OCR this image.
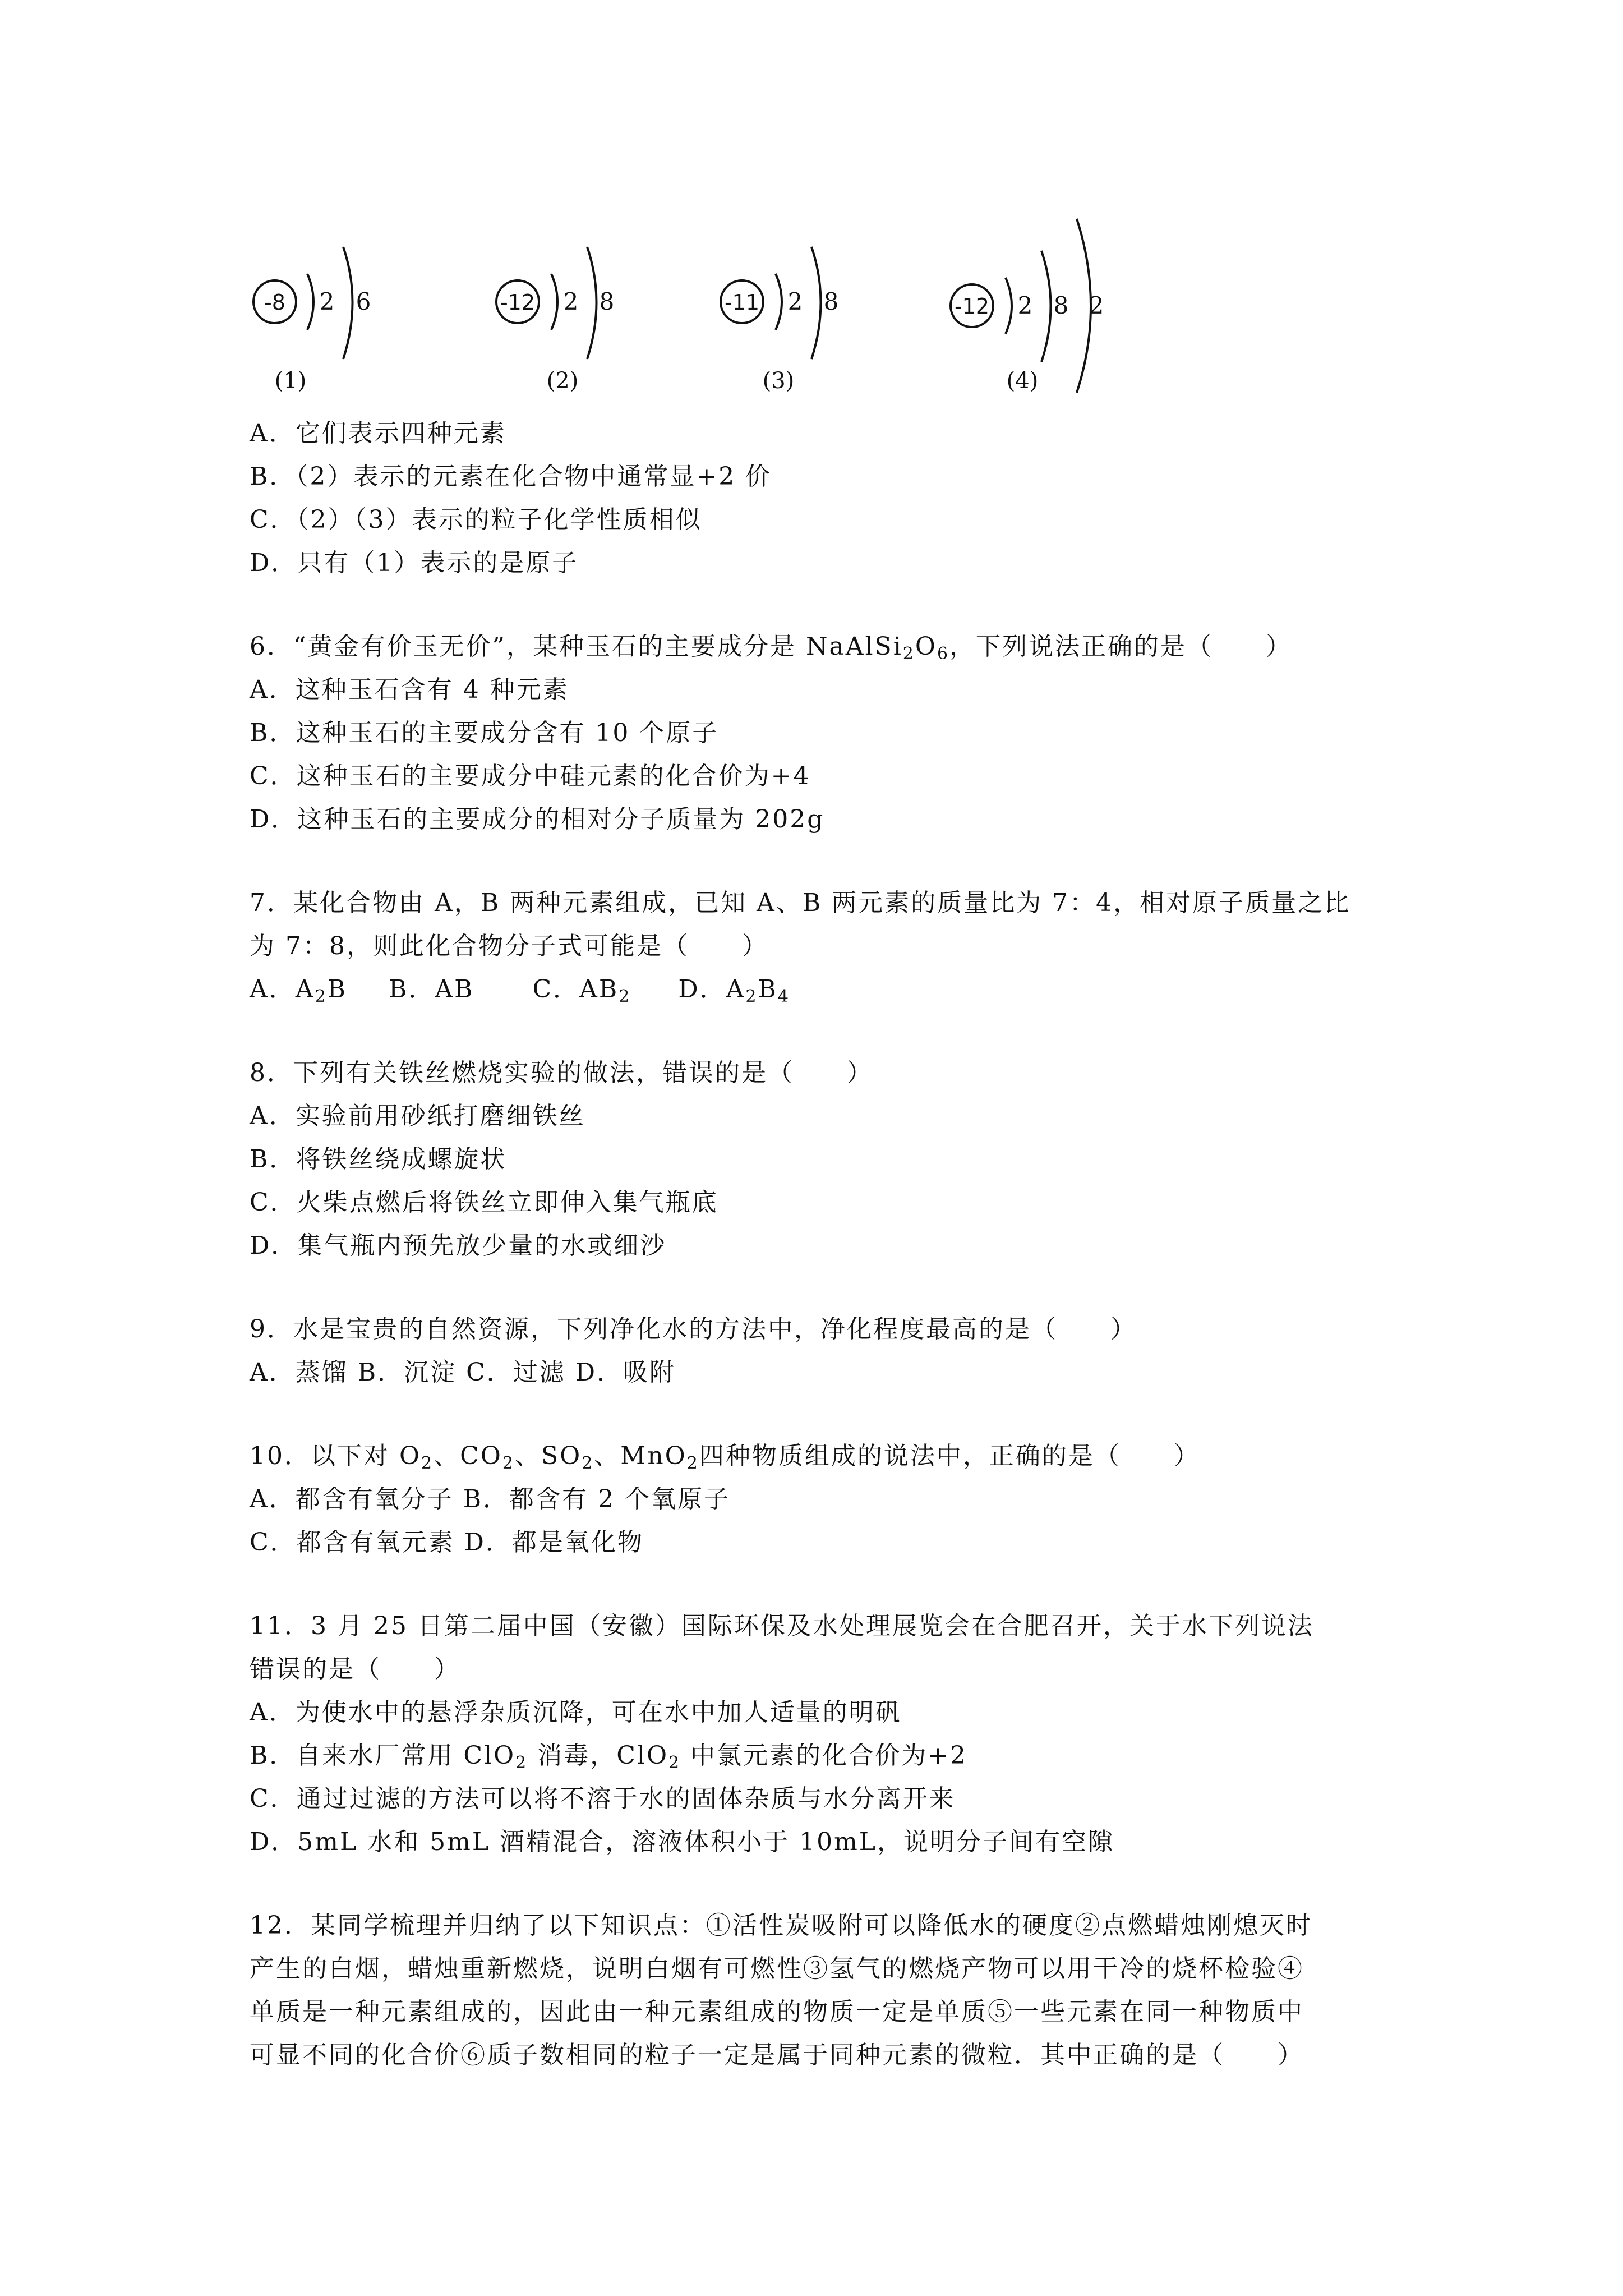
-8 2 6	-12 2 8	-11 2 8	-12 2 8 2
(1)	(2)	(3)	(4)
A．它们表示四种元素
B．（2）表示的元素在化合物中通常显+2 价
C．（2）（3）表示的粒子化学性质相似
D．只有（1）表示的是原子
6．“黄金有价玉无价”，某种玉石的主要成分是 $NaAlSi_2O_6$，下列说法正确的是（　　）
A．这种玉石含有 4 种元素
B．这种玉石的主要成分含有 10 个原子
C．这种玉石的主要成分中硅元素的化合价为+4
D．这种玉石的主要成分的相对分子质量为 202g
7．某化合物由 A，B 两种元素组成，已知 A、B 两元素的质量比为 7：4，相对原子质量之比
为 7：8，则此化合物分子式可能是（　　）
A．$A_2B$ B．AB C．$AB_2$ D．$A_2B_4$
8．下列有关铁丝燃烧实验的做法，错误的是（　　）
A．实验前用砂纸打磨细铁丝
B．将铁丝绕成螺旋状
C．火柴点燃后将铁丝立即伸入集气瓶底
D．集气瓶内预先放少量的水或细沙
9．水是宝贵的自然资源，下列净化水的方法中，净化程度最高的是（　　）
A．蒸馏 B．沉淀 C．过滤 D．吸附
10．以下对 $O_2$、$CO_2$、$SO_2$、MnO$_2$四种物质组成的说法中，正确的是（　　）
A．都含有氧分子 B．都含有 2 个氧原子
C．都含有氧元素 D．都是氧化物
11．3 月 25 日第二届中国（安徽）国际环保及水处理展览会在合肥召开，关于水下列说法
错误的是（　　）
A．为使水中的悬浮杂质沉降，可在水中加人适量的明矾
B．自来水厂常用 ClO$_2$ 消毒，ClO$_2$ 中氯元素的化合价为+2
C．通过过滤的方法可以将不溶于水的固体杂质与水分离开来
D．5mL 水和 5mL 酒精混合，溶液体积小于 10mL，说明分子间有空隙
12．某同学梳理并归纳了以下知识点：①活性炭吸附可以降低水的硬度②点燃蜡烛刚熄灭时
产生的白烟，蜡烛重新燃烧，说明白烟有可燃性③氢气的燃烧产物可以用干冷的烧杯检验④
单质是一种元素组成的，因此由一种元素组成的物质一定是单质⑤一些元素在同一种物质中
可显不同的化合价⑥质子数相同的粒子一定是属于同种元素的微粒．其中正确的是（　　）
